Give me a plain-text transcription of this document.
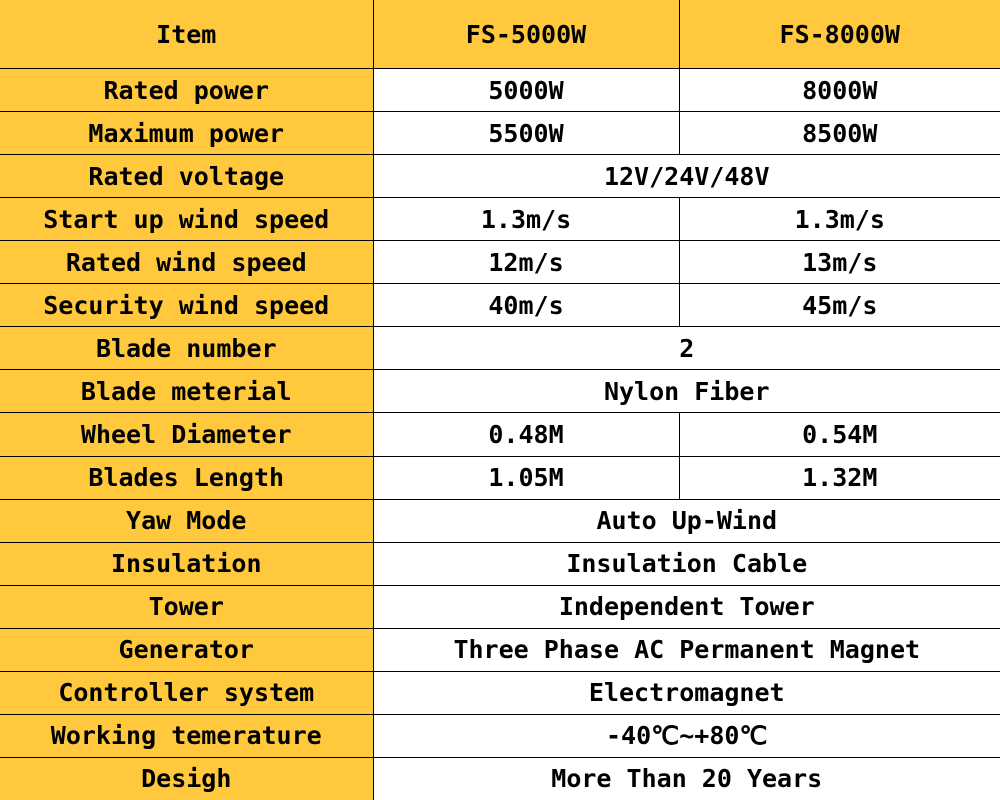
Item	FS-5000W	FS-8000W
Rated power	5000W	8000W
Maximum power	5500W	8500W
Rated voltage	12V/24V/48V	
Start up wind speed	1.3m/s	1.3m/s
Rated wind speed	12m/s	13m/s
Security wind speed	40m/s	45m/s
Blade number	2	
Blade meterial	Nylon Fiber	
Wheel Diameter	0.48M	0.54M
Blades Length	1.05M	1.32M
Yaw Mode	Auto Up-Wind	
Insulation	Insulation Cable	
Tower	Independent Tower	
Generator	Three Phase AC Permanent Magnet	
Controller system	Electromagnet	
Working temerature	-40℃~+80℃	
Desigh	More Than 20 Years	
